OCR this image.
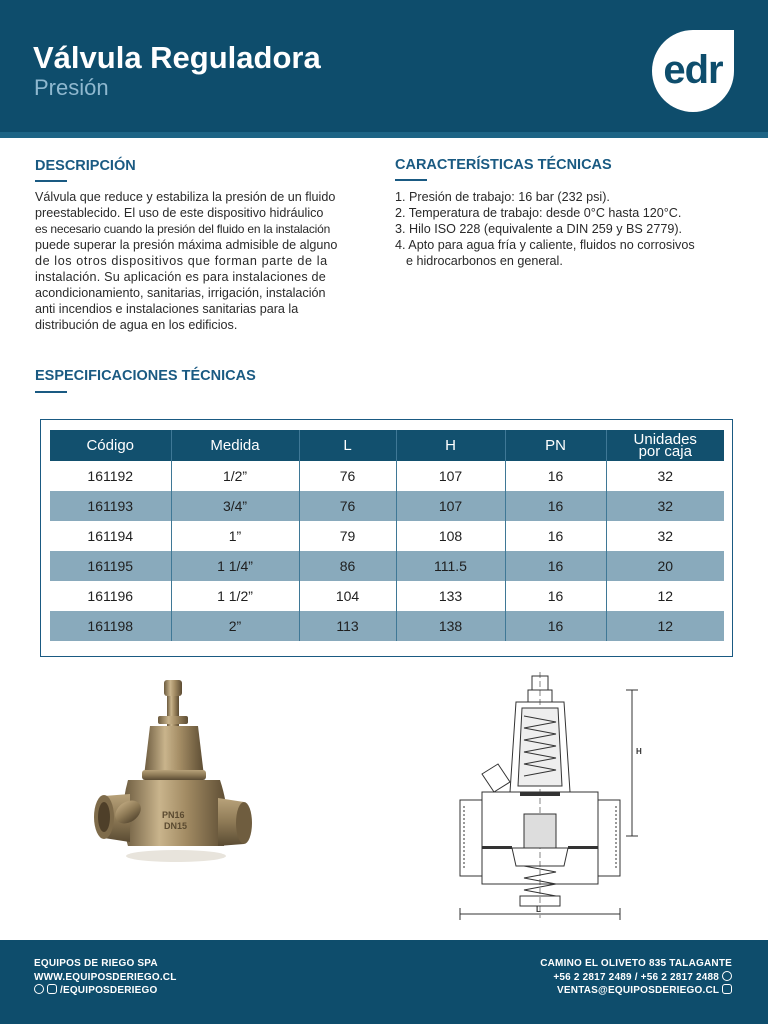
Válvula Reguladora
Presión	edr
DESCRIPCIÓN
Válvula que reduce y estabiliza la presión de un fluido
preestablecido. El uso de este dispositivo hidráulico
es necesario cuando la presión del fluido en la instalación
puede superar la presión máxima admisible de alguno
de los otros dispositivos que forman parte de la
instalación. Su aplicación es para instalaciones de
acondicionamiento, sanitarias, irrigación, instalación
anti incendios e instalaciones sanitarias para la
distribución de agua en los edificios.
CARACTERÍSTICAS TÉCNICAS
1. Presión de trabajo: 16 bar (232 psi).
2. Temperatura de trabajo: desde 0°C hasta 120°C.
3. Hilo ISO 228 (equivalente a DIN 259 y BS 2779).
4. Apto para agua fría y caliente, fluidos no corrosivos
e hidrocarbonos en general.
ESPECIFICACIONES TÉCNICAS
Código	Medida	L	H	PN	Unidades
por caja
161192	1/2”	76	107	16	32
161193	3/4”	76	107	16	32
161194	1”	79	108	16	32
161195	1 1/4”	86	111.5	16	20
161196	1 1/2”	104	133	16	12
161198	2”	113	138	16	12
PN16
DN15
H
L
EQUIPOS DE RIEGO SPA
WWW.EQUIPOSDERIEGO.CL
/EQUIPOSDERIEGO
CAMINO EL OLIVETO 835 TALAGANTE
+56 2 2817 2489 / +56 2 2817 2488
VENTAS@EQUIPOSDERIEGO.CL
